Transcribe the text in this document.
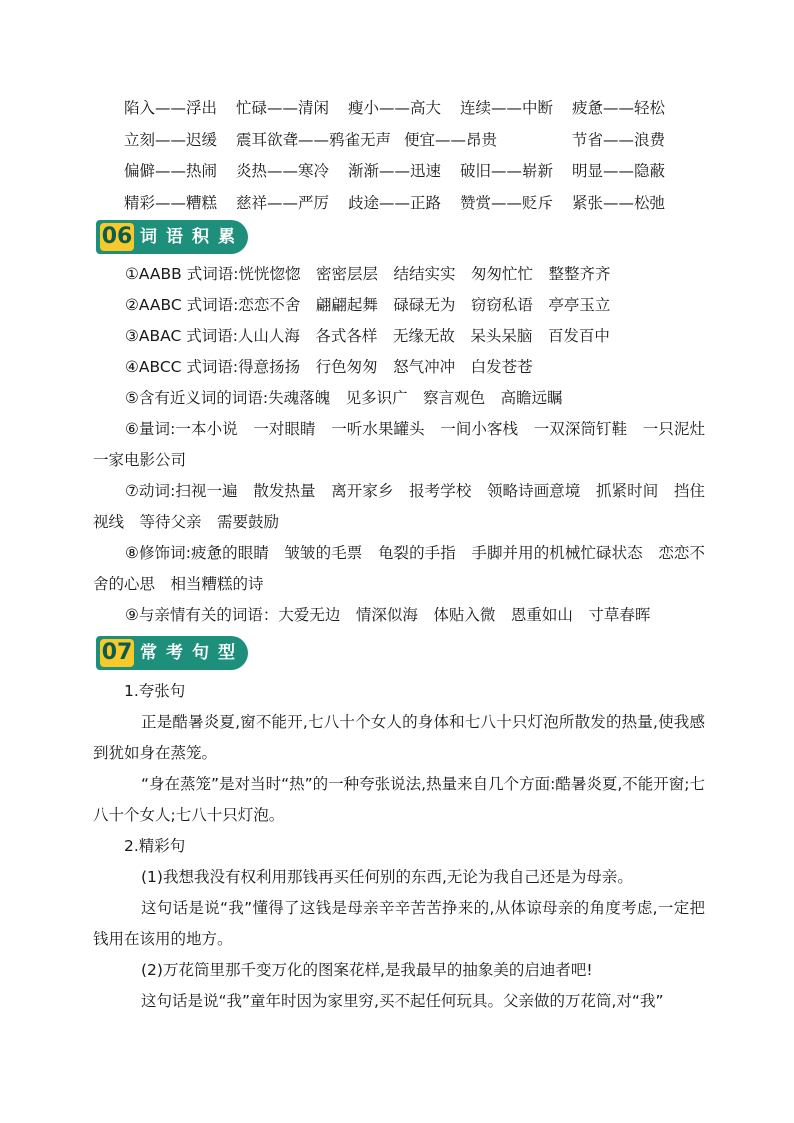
陷入——浮出 忙碌——清闲 瘦小——高大 连续——中断 疲惫——轻松
立刻——迟缓 震耳欲聋——鸦雀无声 便宜——昂贵	节省——浪费
偏僻——热闹 炎热——寒冷 渐渐——迅速 破旧——崭新 明显——隐蔽
精彩——糟糕 慈祥——严厉 歧途——正路 赞赏——贬斥 紧张——松弛
06 词语积累
①AABB 式词语:恍恍惚惚　密密层层　结结实实　匆匆忙忙　整整齐齐
②AABC 式词语:恋恋不舍　翩翩起舞　碌碌无为　窃窃私语　亭亭玉立
③ABAC 式词语:人山人海　各式各样　无缘无故　呆头呆脑　百发百中
④ABCC 式词语:得意扬扬　行色匆匆　怒气冲冲　白发苍苍
⑤含有近义词的词语:失魂落魄　见多识广　察言观色　高瞻远瞩
⑥量词:一本小说　一对眼睛　一听水果罐头　一间小客栈　一双深筒钉鞋　一只泥灶　一家电影公司
⑦动词:扫视一遍　散发热量　离开家乡　报考学校　领略诗画意境　抓紧时间　挡住视线　等待父亲　需要鼓励
⑧修饰词:疲惫的眼睛　皱皱的毛票　龟裂的手指　手脚并用的机械忙碌状态　恋恋不舍的心思　相当糟糕的诗
⑨与亲情有关的词语：大爱无边　情深似海　体贴入微　恩重如山　寸草春晖
07 常考句型
1.夸张句
正是酷暑炎夏,窗不能开,七八十个女人的身体和七八十只灯泡所散发的热量,使我感到犹如身在蒸笼。
“身在蒸笼”是对当时“热”的一种夸张说法,热量来自几个方面:酷暑炎夏,不能开窗;七八十个女人;七八十只灯泡。
2.精彩句
(1)我想我没有权利用那钱再买任何别的东西,无论为我自己还是为母亲。
这句话是说“我”懂得了这钱是母亲辛辛苦苦挣来的,从体谅母亲的角度考虑,一定把钱用在该用的地方。
(2)万花筒里那千变万化的图案花样,是我最早的抽象美的启迪者吧!
这句话是说“我”童年时因为家里穷,买不起任何玩具。父亲做的万花筒,对“我”
